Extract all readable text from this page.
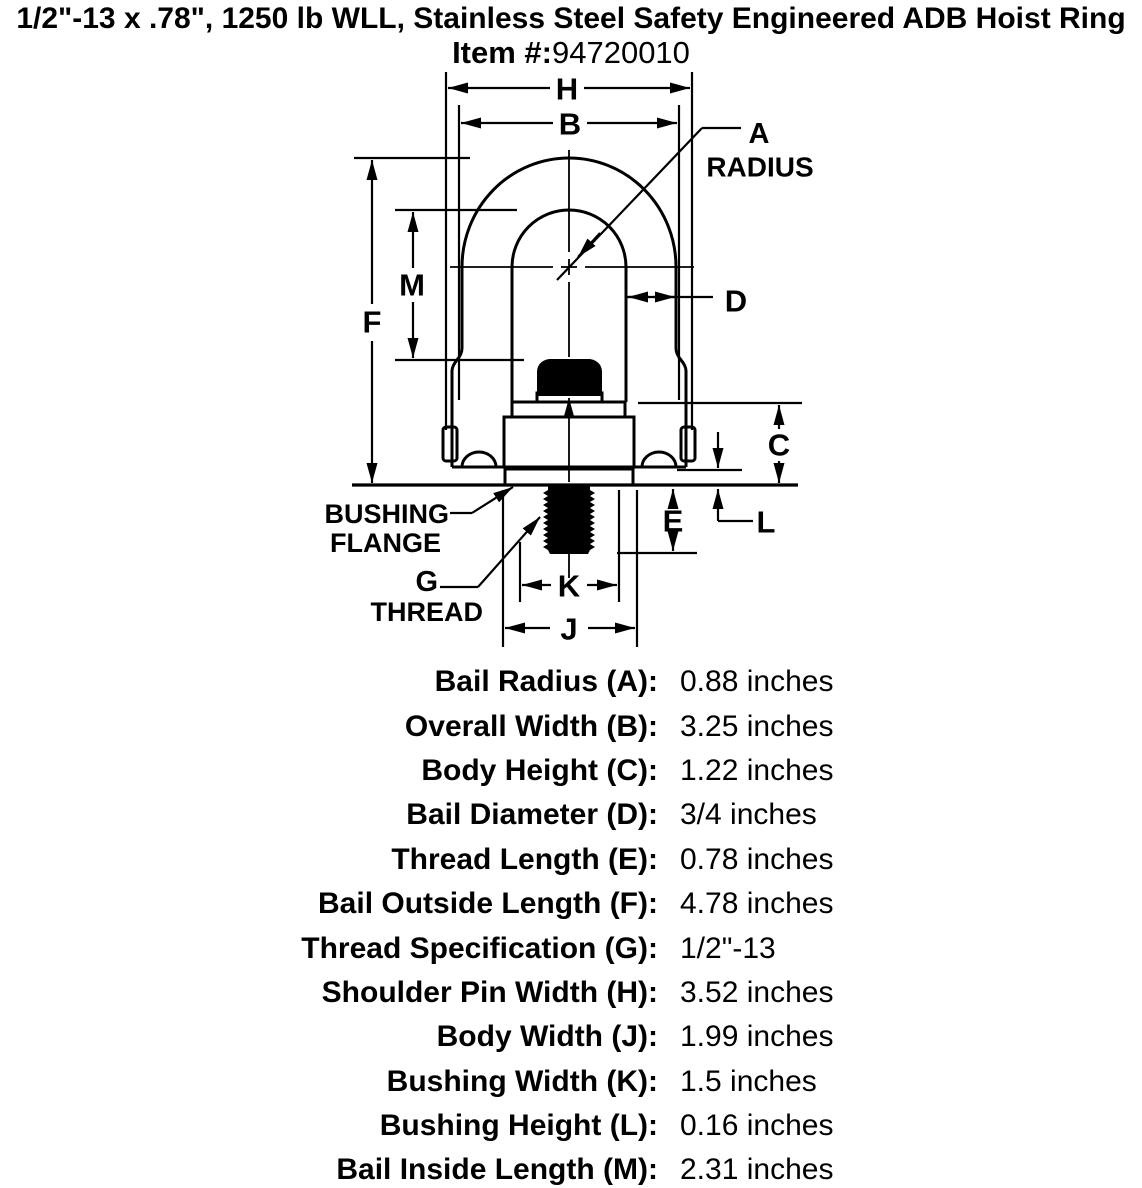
1/2"-13 x .78", 1250 lb WLL, Stainless Steel Safety Engineered ADB Hoist Ring
Item #:94720010
H
B	A
RADIUS
M
F
D
C
E L
K
J
BUSHING
FLANGE
G
THREAD
Bail Radius (A): 0.88 inches
Overall Width (B): 3.25 inches
Body Height (C): 1.22 inches
Bail Diameter (D): 3/4 inches
Thread Length (E): 0.78 inches
Bail Outside Length (F): 4.78 inches
Thread Specification (G): 1/2"-13
Shoulder Pin Width (H): 3.52 inches
Body Width (J): 1.99 inches
Bushing Width (K): 1.5 inches
Bushing Height (L): 0.16 inches
Bail Inside Length (M): 2.31 inches
